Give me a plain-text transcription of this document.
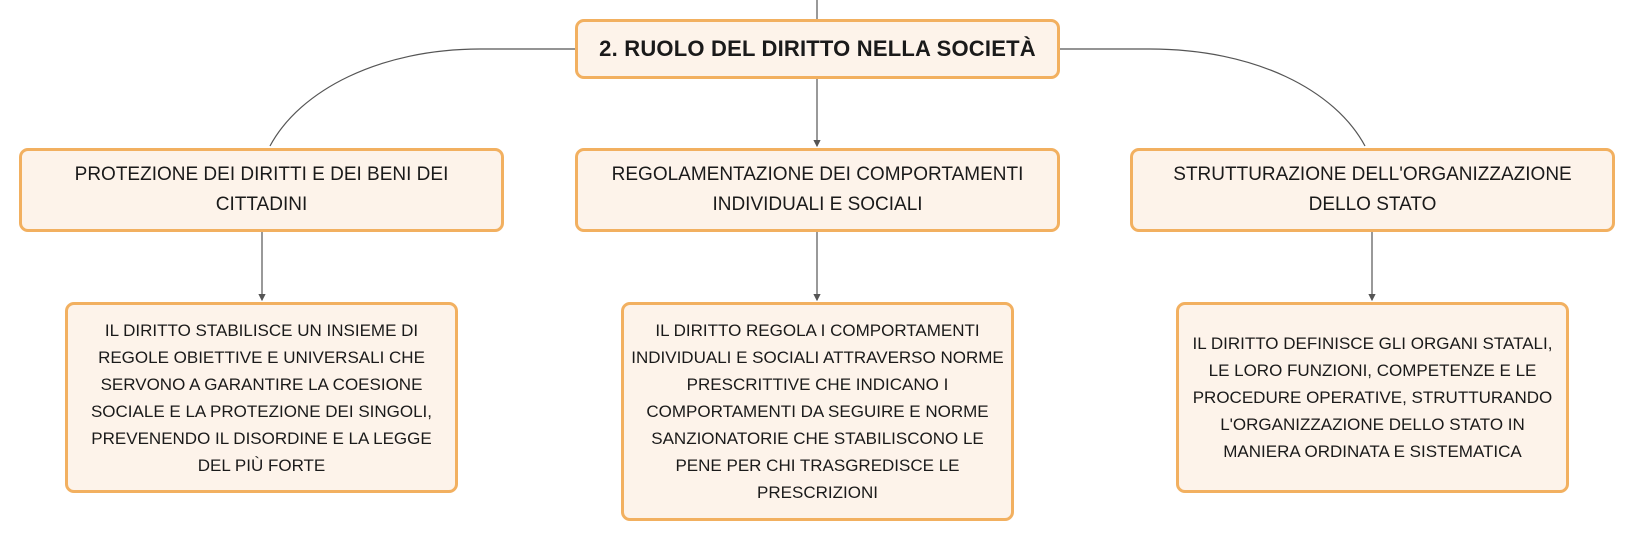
2. RUOLO DEL DIRITTO NELLA SOCIETÀ
PROTEZIONE DEI DIRITTI E DEI BENI DEI CITTADINI
REGOLAMENTAZIONE DEI COMPORTAMENTI INDIVIDUALI E SOCIALI
STRUTTURAZIONE DELL'ORGANIZZAZIONE DELLO STATO
IL DIRITTO STABILISCE UN INSIEME DI REGOLE OBIETTIVE E UNIVERSALI CHE SERVONO A GARANTIRE LA COESIONE SOCIALE E LA PROTEZIONE DEI SINGOLI, PREVENENDO IL DISORDINE E LA LEGGE DEL PIÙ FORTE
IL DIRITTO REGOLA I COMPORTAMENTI INDIVIDUALI E SOCIALI ATTRAVERSO NORME PRESCRITTIVE CHE INDICANO I COMPORTAMENTI DA SEGUIRE E NORME SANZIONATORIE CHE STABILISCONO LE PENE PER CHI TRASGREDISCE LE PRESCRIZIONI
IL DIRITTO DEFINISCE GLI ORGANI STATALI, LE LORO FUNZIONI, COMPETENZE E LE PROCEDURE OPERATIVE, STRUTTURANDO L'ORGANIZZAZIONE DELLO STATO IN MANIERA ORDINATA E SISTEMATICA
